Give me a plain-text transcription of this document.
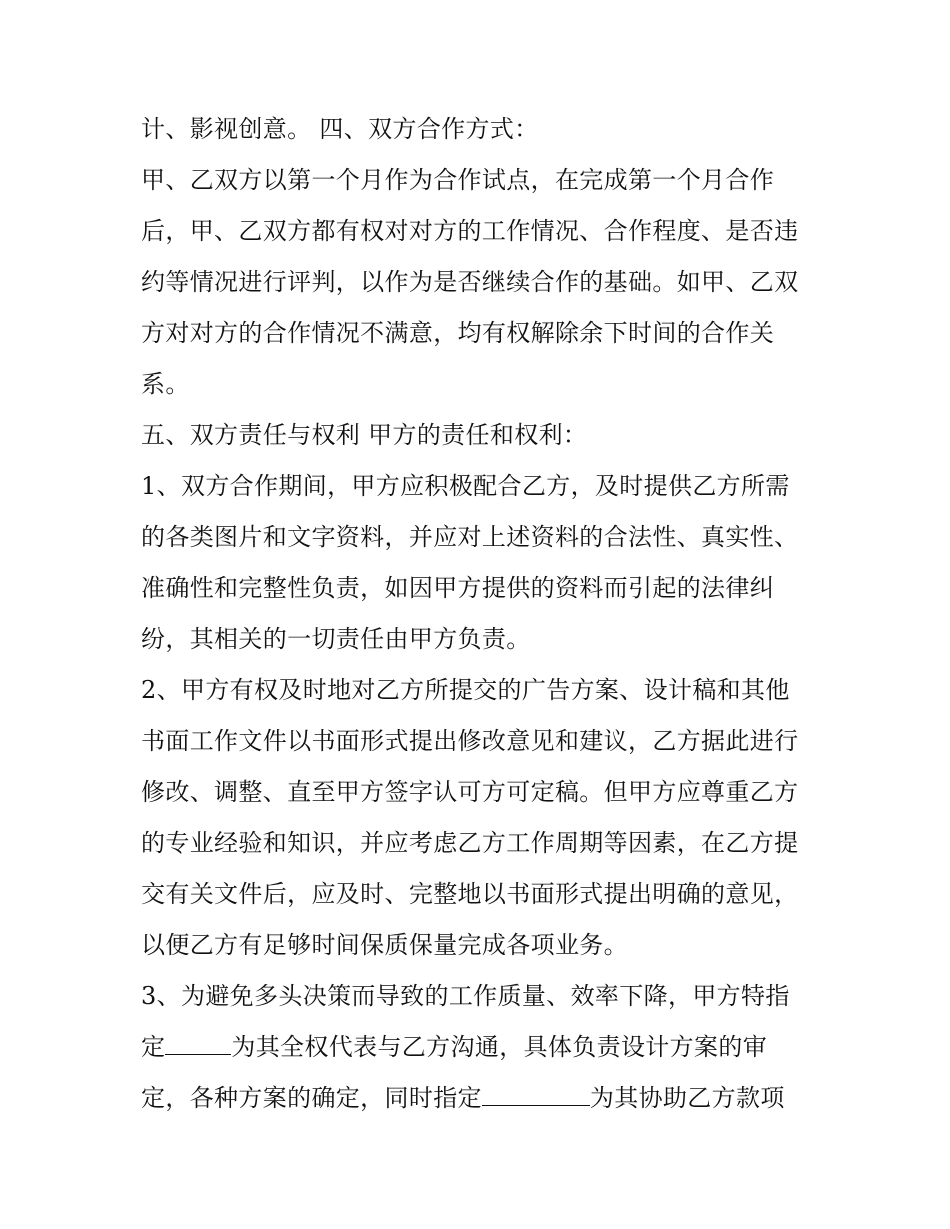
计、影视创意。 四、双方合作方式：
甲、乙双方以第一个月作为合作试点，在完成第一个月合作
后，甲、乙双方都有权对对方的工作情况、合作程度、是否违
约等情况进行评判，以作为是否继续合作的基础。如甲、乙双
方对对方的合作情况不满意，均有权解除余下时间的合作关
系。
五、双方责任与权利 甲方的责任和权利：
1、双方合作期间，甲方应积极配合乙方，及时提供乙方所需
的各类图片和文字资料，并应对上述资料的合法性、真实性、
准确性和完整性负责，如因甲方提供的资料而引起的法律纠
纷，其相关的一切责任由甲方负责。
2、甲方有权及时地对乙方所提交的广告方案、设计稿和其他
书面工作文件以书面形式提出修改意见和建议，乙方据此进行
修改、调整、直至甲方签字认可方可定稿。但甲方应尊重乙方
的专业经验和知识，并应考虑乙方工作周期等因素，在乙方提
交有关文件后，应及时、完整地以书面形式提出明确的意见，
以便乙方有足够时间保质保量完成各项业务。
3、为避免多头决策而导致的工作质量、效率下降，甲方特指
定	为其全权代表与乙方沟通，具体负责设计方案的审
定，各种方案的确定，同时指定	为其协助乙方款项
